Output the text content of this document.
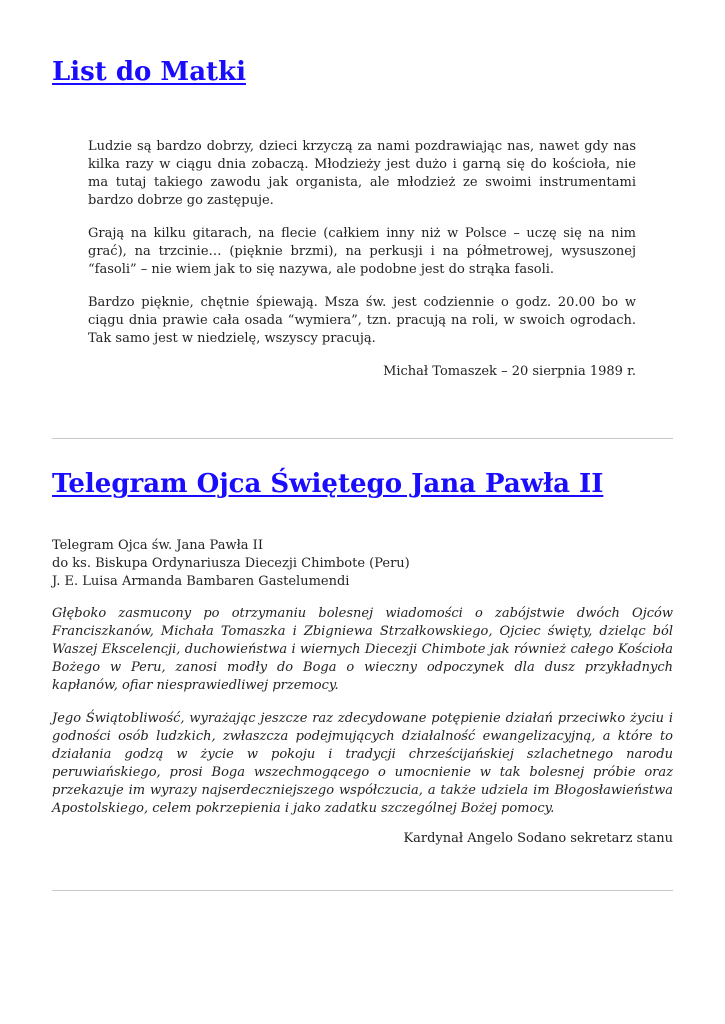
List do Matki

Ludzie są bardzo dobrzy, dzieci krzyczą za nami pozdrawiając nas, nawet gdy nas kilka razy w ciągu dnia zobaczą. Młodzieży jest dużo i garną się do kościoła, nie ma tutaj takiego zawodu jak organista, ale młodzież ze swoimi instrumentami bardzo dobrze go zastępuje.

Grają na kilku gitarach, na flecie (całkiem inny niż w Polsce – uczę się na nim grać), na trzcinie… (pięknie brzmi), na perkusji i na półmetrowej, wysuszonej “fasoli” – nie wiem jak to się nazywa, ale podobne jest do strąka fasoli.

Bardzo pięknie, chętnie śpiewają. Msza św. jest codziennie o godz. 20.00 bo w ciągu dnia prawie cała osada “wymiera”, tzn. pracują na roli, w swoich ogrodach. Tak samo jest w niedzielę, wszyscy pracują.

Michał Tomaszek – 20 sierpnia 1989 r.

Telegram Ojca Świętego Jana Pawła II
Telegram Ojca św. Jana Pawła II
do ks. Biskupa Ordynariusza Diecezji Chimbote (Peru)
J. E. Luisa Armanda Bambaren Gastelumendi

Głęboko zasmucony po otrzymaniu bolesnej wiadomości o zabójstwie dwóch Ojców Franciszkanów, Michała Tomaszka i Zbigniewa Strzałkowskiego, Ojciec święty, dzieląc ból Waszej Ekscelencji, duchowieństwa i wiernych Diecezji Chimbote jak również całego Kościoła Bożego w Peru, zanosi modły do Boga o wieczny odpoczynek dla dusz przykładnych kapłanów, ofiar niesprawiedliwej przemocy.

Jego Świątobliwość, wyrażając jeszcze raz zdecydowane potępienie działań przeciwko życiu i godności osób ludzkich, zwłaszcza podejmujących działalność ewangelizacyjną, a które to działania godzą w życie w pokoju i tradycji chrześcijańskiej szlachetnego narodu peruwiańskiego, prosi Boga wszechmogącego o umocnienie w tak bolesnej próbie oraz przekazuje im wyrazy najserdeczniejszego współczucia, a także udziela im Błogosławieństwa Apostolskiego, celem pokrzepienia i jako zadatku szczególnej Bożej pomocy.

Kardynał Angelo Sodano sekretarz stanu
